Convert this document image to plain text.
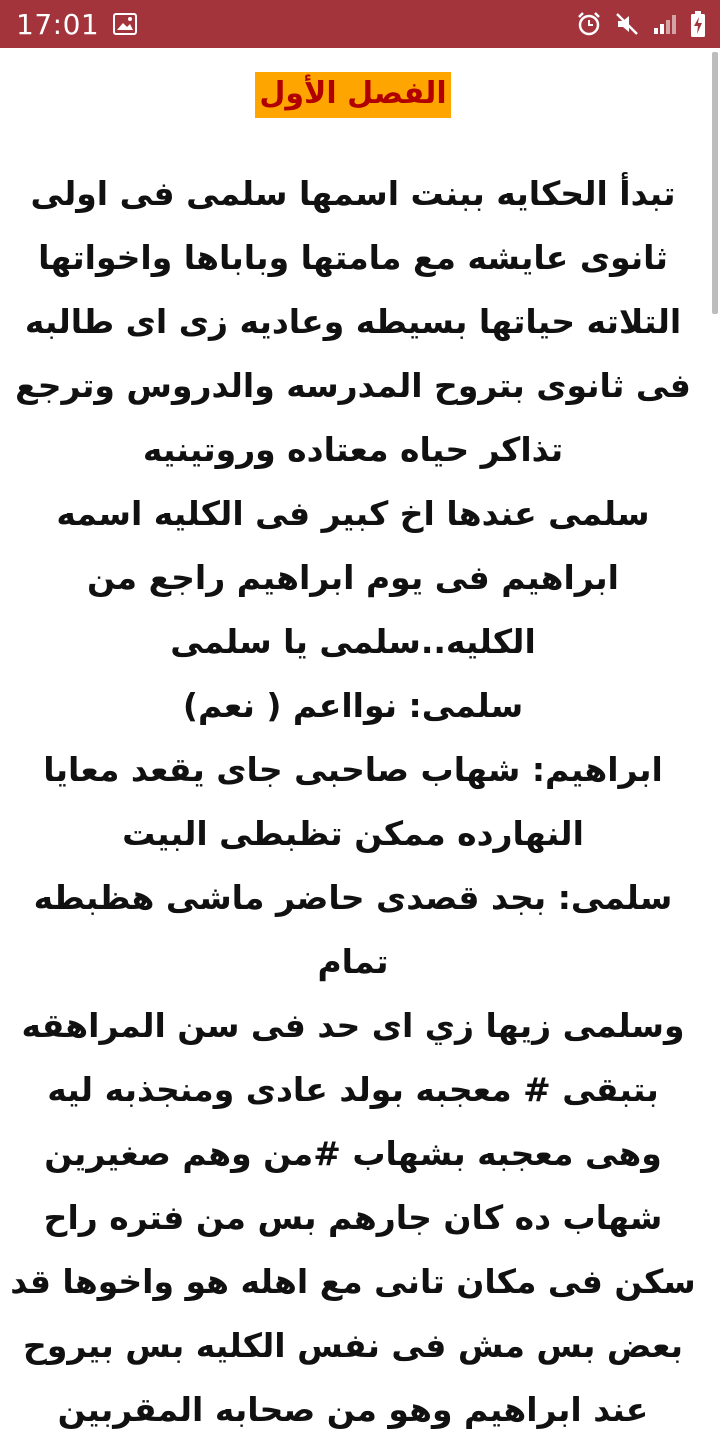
17:01
الفصل الأول

تبدأ الحكايه ببنت اسمها سلمى فى اولى ثانوى عايشه مع مامتها وباباها واخواتها التلاته حياتها بسيطه وعاديه زى اى طالبه فى ثانوى بتروح المدرسه والدروس وترجع تذاكر حياه معتاده وروتينيه

سلمى عندها اخ كبير فى الكليه اسمه ابراهيم فى يوم ابراهيم راجع من الكليه..سلمى يا سلمى

سلمى: نوااعم ( نعم)

ابراهيم: شهاب صاحبى جاى يقعد معايا النهارده ممكن تظبطى البيت

سلمى: بجد قصدى حاضر ماشى هظبطه تمام

وسلمى زيها زي اى حد فى سن المراهقه بتبقى # معجبه بولد عادى ومنجذبه ليه وهى معجبه بشهاب #من وهم صغيرين

شهاب ده كان جارهم بس من فتره راح سكن فى مكان تانى مع اهله هو واخوها قد بعض بس مش فى نفس الكليه بس بيروح عند ابراهيم وهو من صحابه المقربين
